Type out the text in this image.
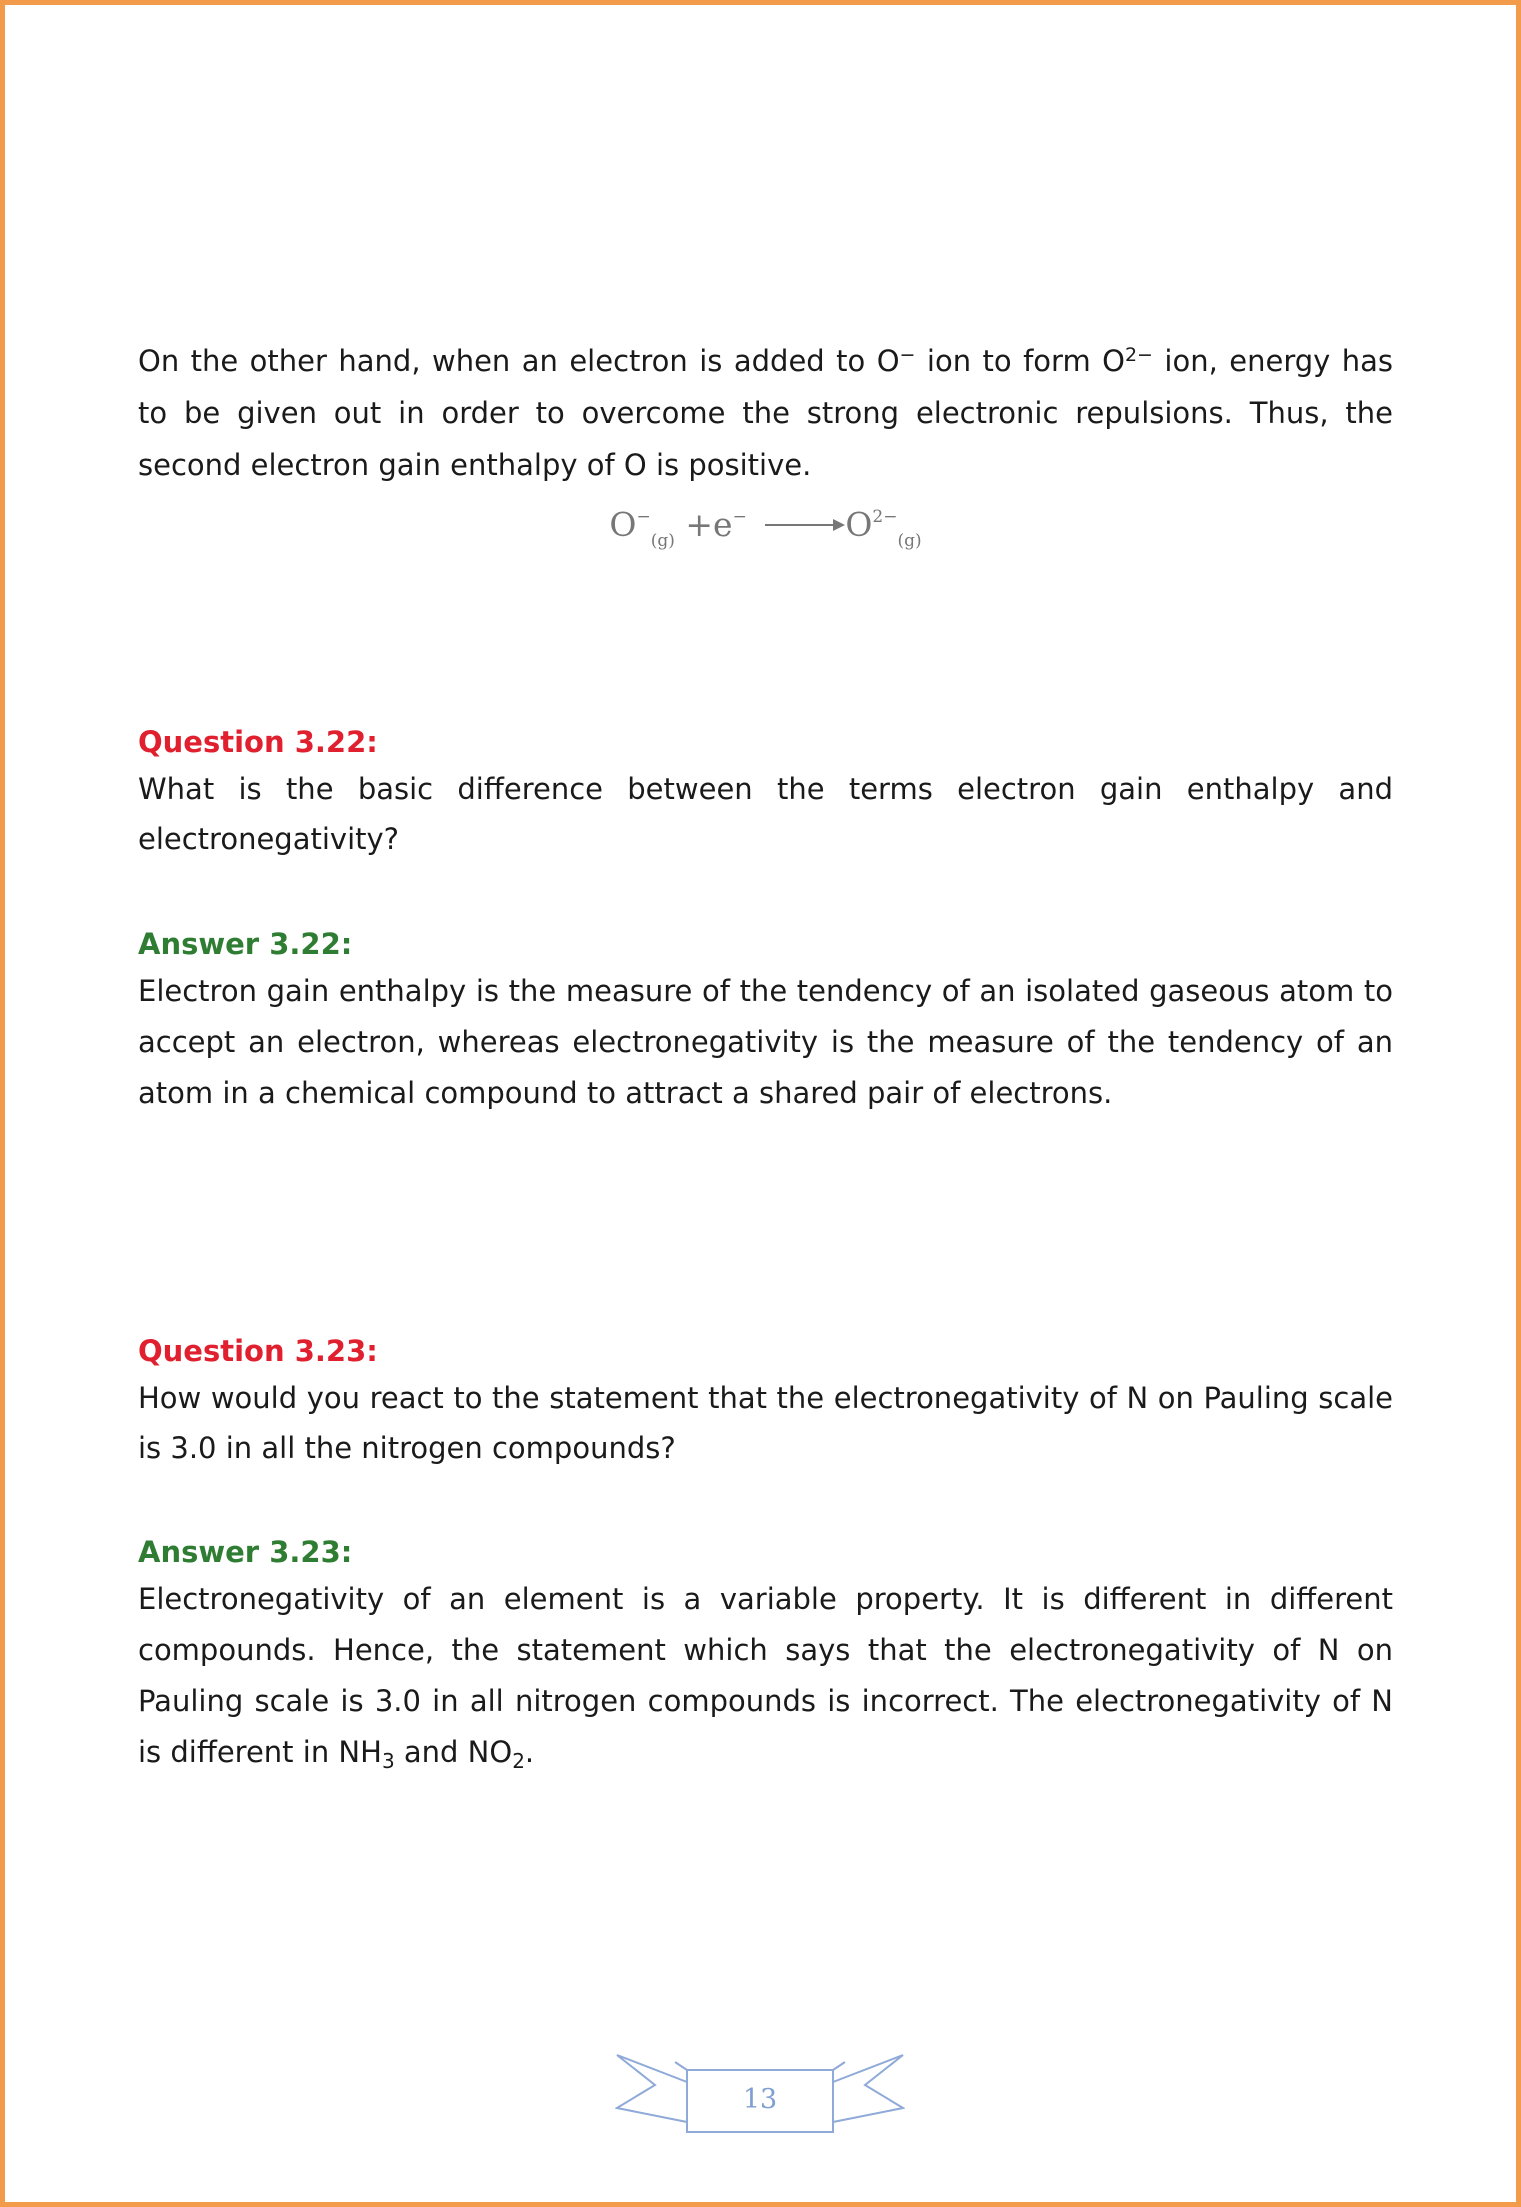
On the other hand, when an electron is added to O− ion to form $O^{2-}$ ion, energy has to be given out in order to overcome the strong electronic repulsions. Thus, the second electron gain enthalpy of O is positive.

$O^-_{(g)} +e^- \to O^{2-}_{(g)}$

Question 3.22:

What is the basic difference between the terms electron gain enthalpy and electronegativity?

Answer 3.22:

Electron gain enthalpy is the measure of the tendency of an isolated gaseous atom to accept an electron, whereas electronegativity is the measure of the tendency of an atom in a chemical compound to attract a shared pair of electrons.

Question 3.23:

How would you react to the statement that the electronegativity of N on Pauling scale is 3.0 in all the nitrogen compounds?

Answer 3.23:

Electronegativity of an element is a variable property. It is different in different compounds. Hence, the statement which says that the electronegativity of N on Pauling scale is 3.0 in all nitrogen compounds is incorrect. The electronegativity of N is different in $NH_3$ and $NO_2$.

13
